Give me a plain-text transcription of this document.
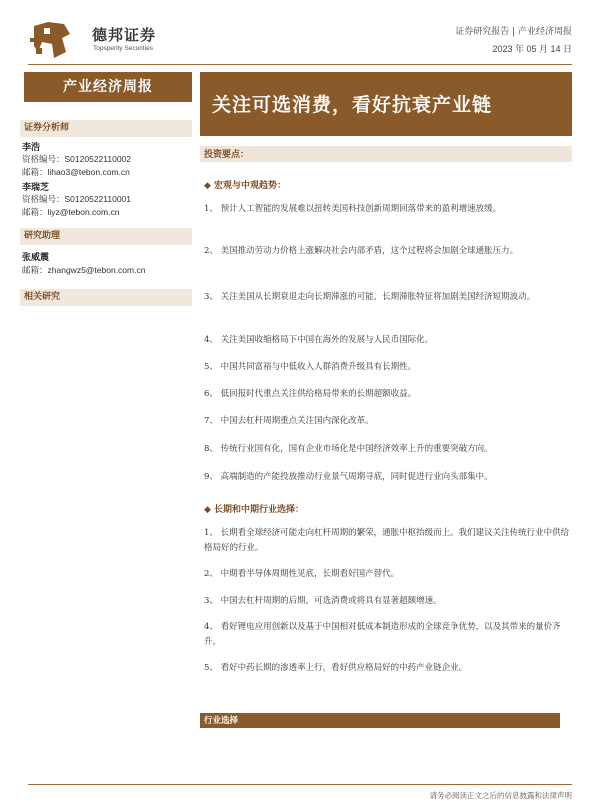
德邦证券
Topsperity Securities
证券研究报告 | 产业经济周报
2023 年 05 月 14 日
产业经济周报
证券分析师
李浩
资格编号：S0120522110002
邮箱：lihao3@tebon.com.cn
李瑞芝
资格编号：S0120522110001
邮箱：liyz@tebon.com.cn
研究助理
张威震
邮箱：zhangwz5@tebon.com.cn
相关研究
关注可选消费，看好抗衰产业链
投资要点：
◆ 宏观与中观趋势：
1、 预计人工智能的发展难以扭转美国科技创新周期回落带来的盈利增速放缓。
2、 美国推动劳动力价格上涨解决社会内部矛盾，这个过程将会加剧全球通胀压力。
3、 关注美国从长期衰退走向长期滞涨的可能，长期滞胀特征将加剧美国经济短期波动。
4、 关注美国收缩格局下中国在海外的发展与人民币国际化。
5、 中国共同富裕与中低收入人群消费升级具有长期性。
6、 低回报时代重点关注供给格局带来的长期超额收益。
7、 中国去杠杆周期重点关注国内深化改革。
8、 传统行业国有化，国有企业市场化是中国经济效率上升的重要突破方向。
9、 高端制造的产能投放推动行业景气周期寻底，同时促进行业向头部集中。
◆ 长期和中期行业选择：
1、 长期看全球经济可能走向杠杆周期的繁荣，通胀中枢抬级而上。我们建议关注传统行业中供给格局好的行业。
2、 中期看半导体周期性见底，长期看好国产替代。
3、 中国去杠杆周期的后期，可选消费或将具有显著超额增速。
4、 看好锂电应用创新以及基于中国相对低成本制造形成的全球竞争优势，以及其带来的量价齐升。
5、 看好中药长期的渗透率上行，看好供应格局好的中药产业链企业。
行业选择
请务必阅读正文之后的信息披露和法律声明
